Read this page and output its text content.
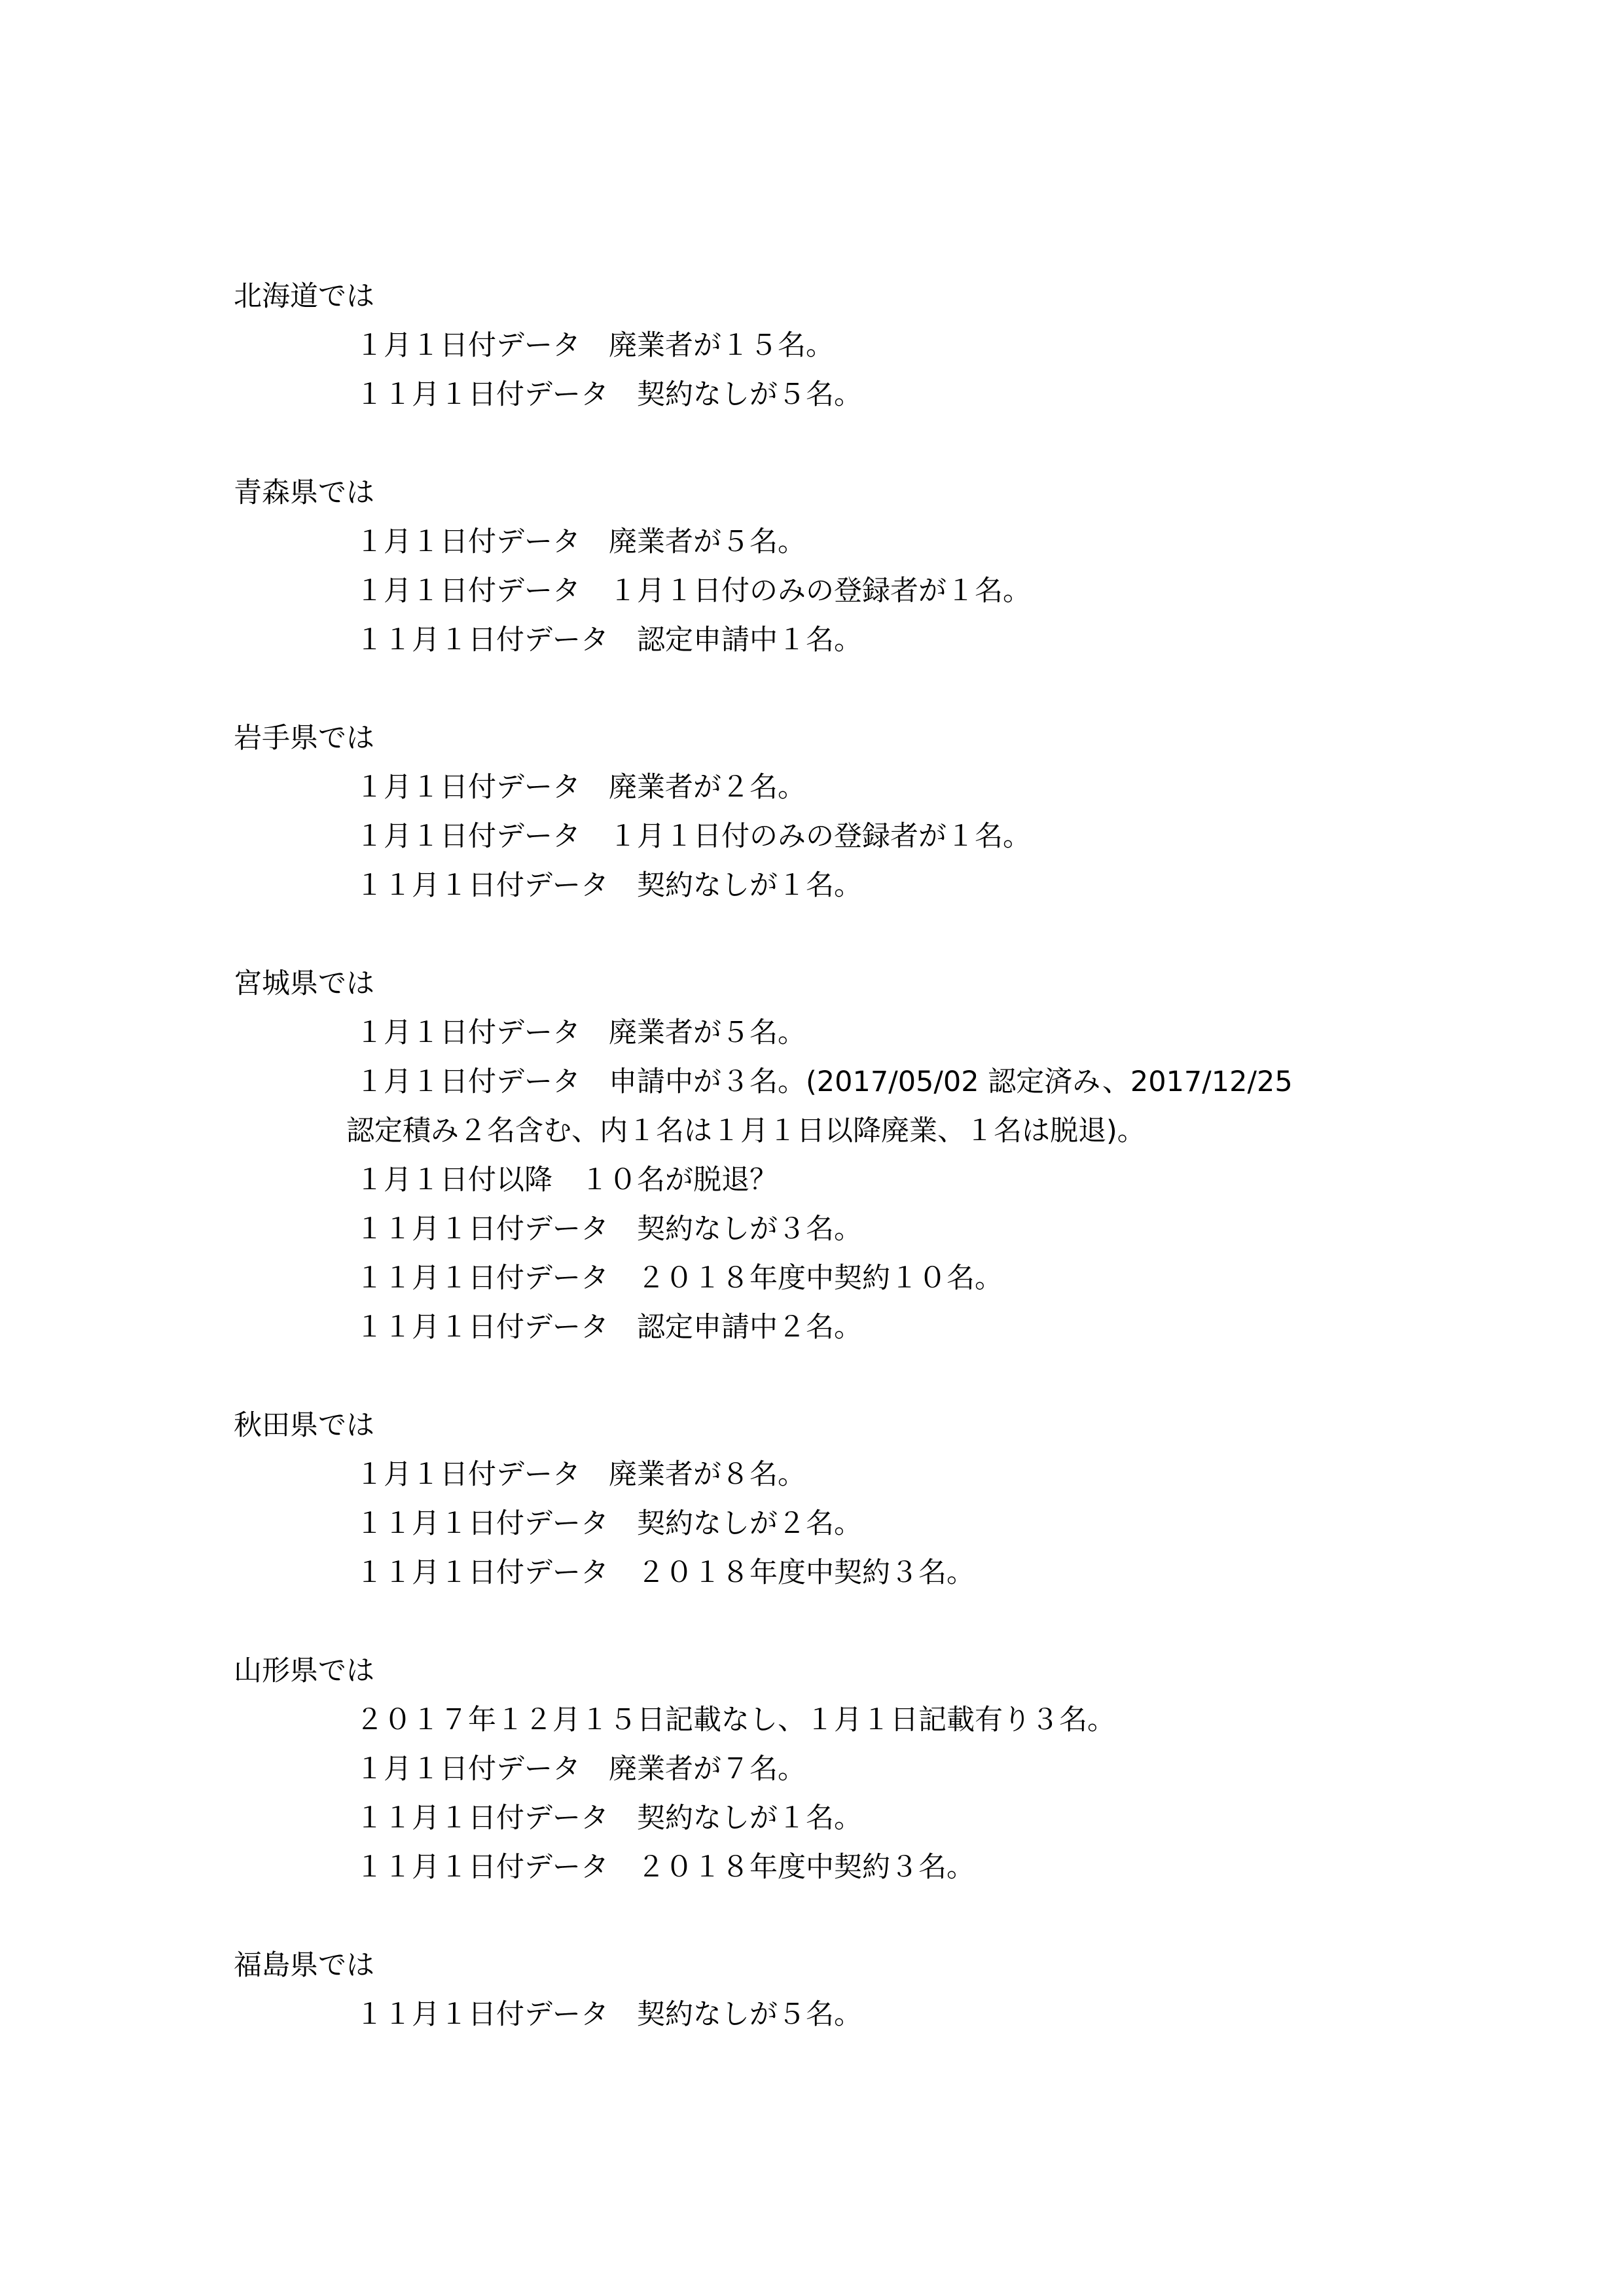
北海道では
１月１日付データ　廃業者が１５名。
１１月１日付データ　契約なしが５名。
青森県では
１月１日付データ　廃業者が５名。
１月１日付データ　１月１日付のみの登録者が１名。
１１月１日付データ　認定申請中１名。
岩手県では
１月１日付データ　廃業者が２名。
１月１日付データ　１月１日付のみの登録者が１名。
１１月１日付データ　契約なしが１名。
宮城県では
１月１日付データ　廃業者が５名。
１月１日付データ　申請中が３名。(2017/05/02 認定済み、2017/12/25
認定積み２名含む、内１名は１月１日以降廃業、１名は脱退)。
１月１日付以降　１０名が脱退？
１１月１日付データ　契約なしが３名。
１１月１日付データ　２０１８年度中契約１０名。
１１月１日付データ　認定申請中２名。
秋田県では
１月１日付データ　廃業者が８名。
１１月１日付データ　契約なしが２名。
１１月１日付データ　２０１８年度中契約３名。
山形県では
２０１７年１２月１５日記載なし、１月１日記載有り３名。
１月１日付データ　廃業者が７名。
１１月１日付データ　契約なしが１名。
１１月１日付データ　２０１８年度中契約３名。
福島県では
１１月１日付データ　契約なしが５名。
